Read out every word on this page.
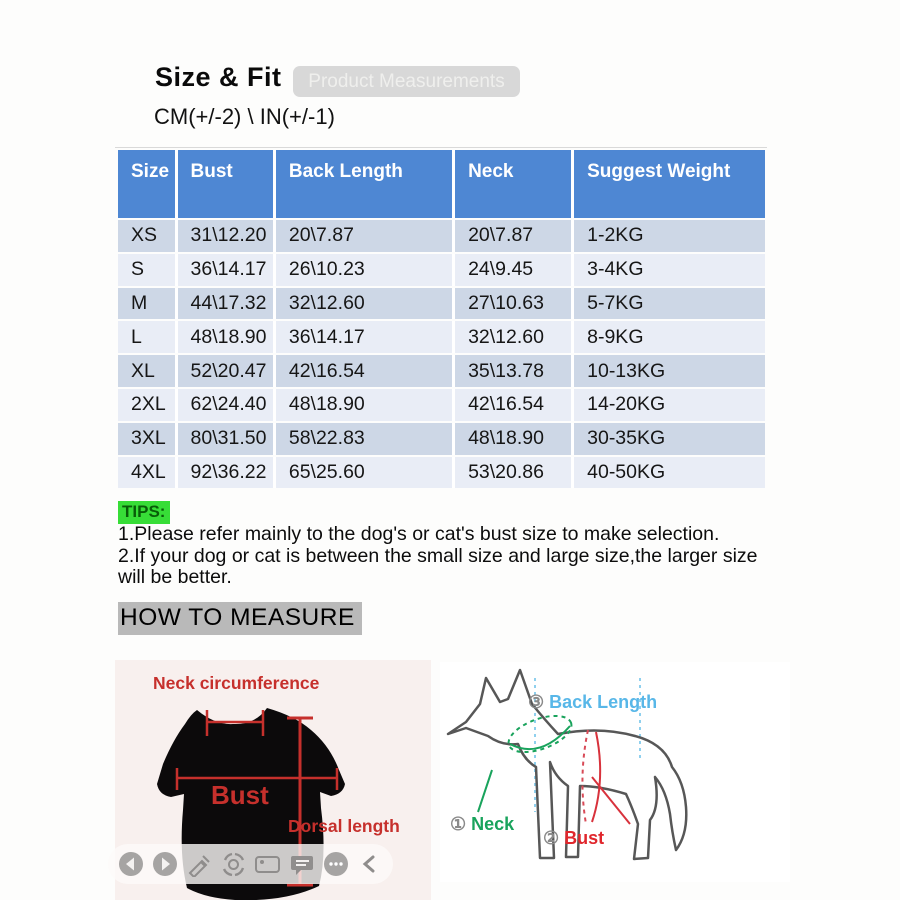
Size & Fit	Product Measurements
CM(+/-2) \ IN(+/-1)
Size	Bust	Back Length	Neck	Suggest Weight
XS	31\12.20	20\7.87	20\7.87	1-2KG
S	36\14.17	26\10.23	24\9.45	3-4KG
M	44\17.32	32\12.60	27\10.63	5-7KG
L	48\18.90	36\14.17	32\12.60	8-9KG
XL	52\20.47	42\16.54	35\13.78	10-13KG
2XL	62\24.40	48\18.90	42\16.54	14-20KG
3XL	80\31.50	58\22.83	48\18.90	30-35KG
4XL	92\36.22	65\25.60	53\20.86	40-50KG
TIPS:
1.Please refer mainly to the dog's or cat's bust size to make selection.
2.If your dog or cat is between the small size and large size,the larger size will be better.
HOW TO MEASURE
Neck circumference
Bust
Dorsal length
③ Back Length
① Neck
② Bust
